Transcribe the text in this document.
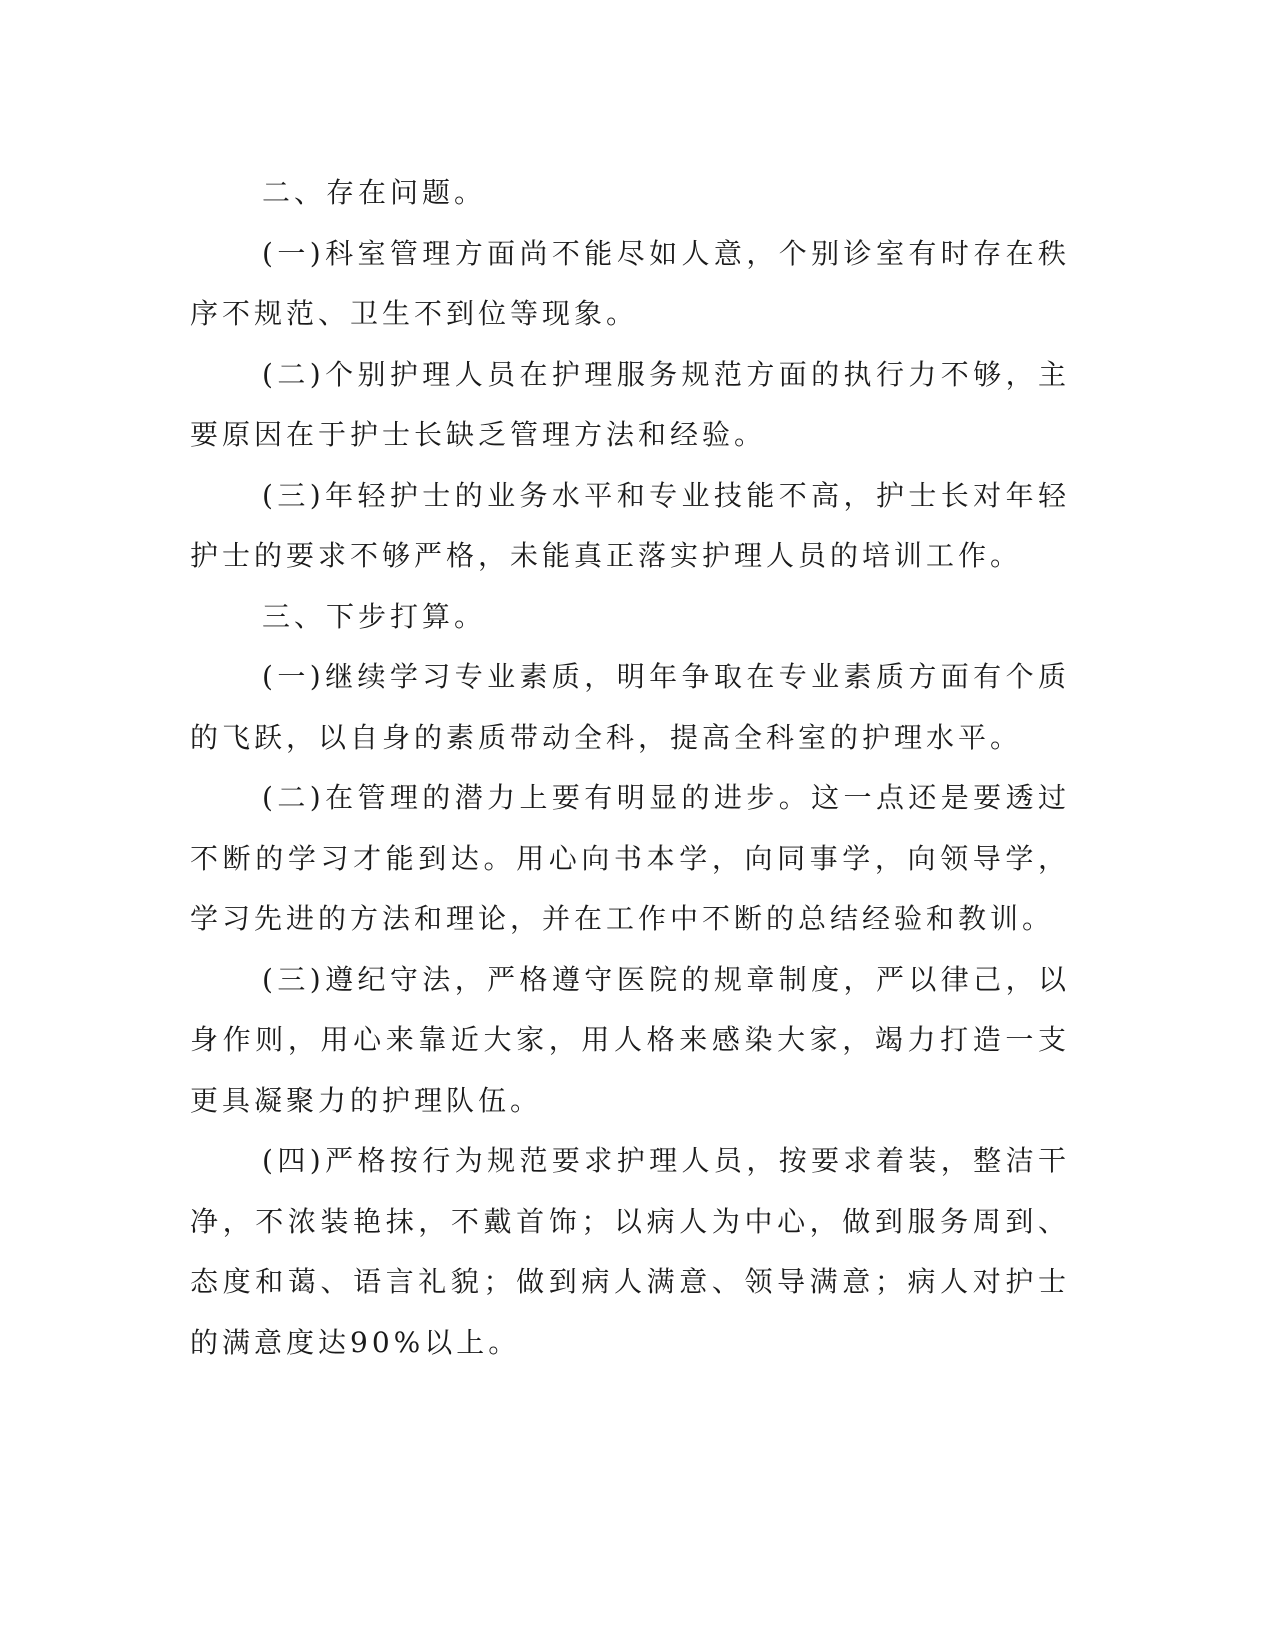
二、存在问题。

(一)科室管理方面尚不能尽如人意，个别诊室有时存在秩序不规范、卫生不到位等现象。

(二)个别护理人员在护理服务规范方面的执行力不够，主要原因在于护士长缺乏管理方法和经验。

(三)年轻护士的业务水平和专业技能不高，护士长对年轻护士的要求不够严格，未能真正落实护理人员的培训工作。

三、下步打算。

(一)继续学习专业素质，明年争取在专业素质方面有个质的飞跃，以自身的素质带动全科，提高全科室的护理水平。

(二)在管理的潜力上要有明显的进步。这一点还是要透过不断的学习才能到达。用心向书本学，向同事学，向领导学，学习先进的方法和理论，并在工作中不断的总结经验和教训。

(三)遵纪守法，严格遵守医院的规章制度，严以律己，以身作则，用心来靠近大家，用人格来感染大家，竭力打造一支更具凝聚力的护理队伍。

(四)严格按行为规范要求护理人员，按要求着装，整洁干净，不浓装艳抹，不戴首饰；以病人为中心，做到服务周到、态度和蔼、语言礼貌；做到病人满意、领导满意；病人对护士的满意度达90%以上。
